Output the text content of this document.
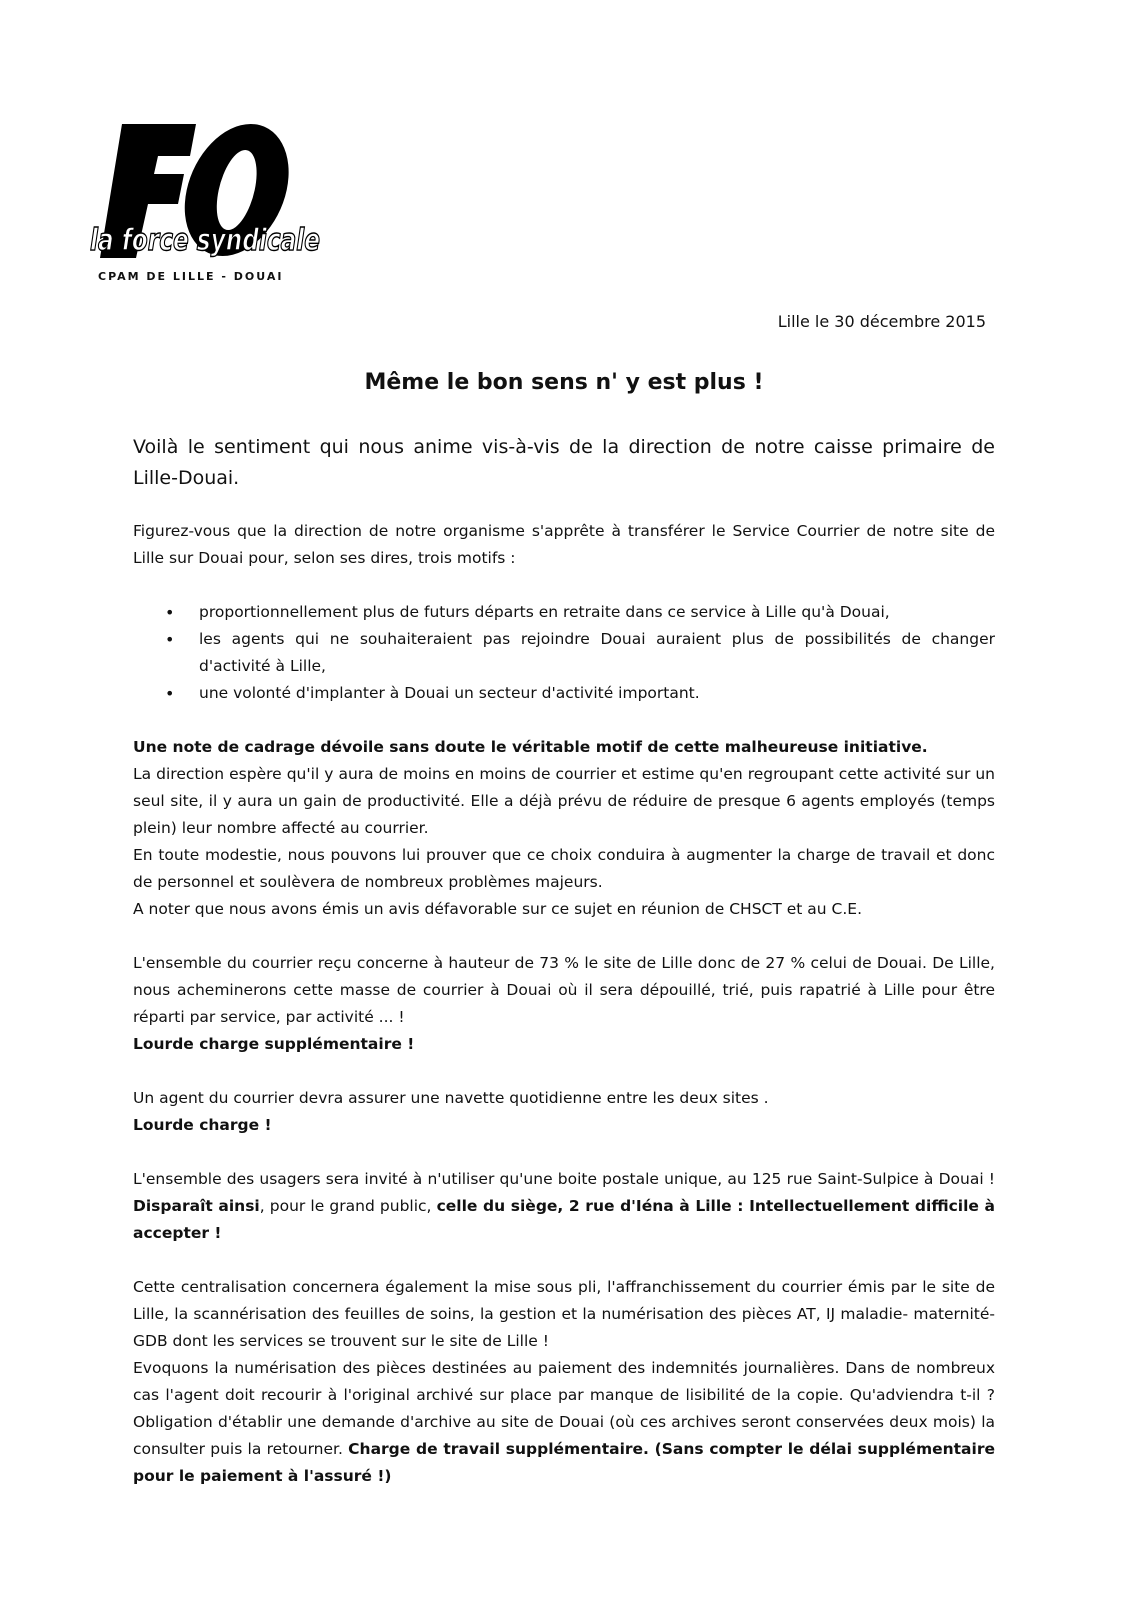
la force syndicale
CPAM DE LILLE - DOUAI
Lille le 30 décembre 2015
Même le bon sens n' y est plus !

Voilà le sentiment qui nous anime vis-à-vis de la direction de notre caisse primaire de Lille-Douai.

Figurez-vous que la direction de notre organisme s'apprête à transférer le Service Courrier de notre site de Lille sur Douai pour, selon ses dires, trois motifs :

• proportionnellement plus de futurs départs en retraite dans ce service à Lille qu'à Douai,
• les agents qui ne souhaiteraient pas rejoindre Douai auraient plus de possibilités de changer d'activité à Lille,
• une volonté d'implanter à Douai un secteur d'activité important.

Une note de cadrage dévoile sans doute le véritable motif de cette malheureuse initiative.

La direction espère qu'il y aura de moins en moins de courrier et estime qu'en regroupant cette activité sur un seul site, il y aura un gain de productivité. Elle a déjà prévu de réduire de presque 6 agents employés (temps plein) leur nombre affecté au courrier.

En toute modestie, nous pouvons lui prouver que ce choix conduira à augmenter la charge de travail et donc de personnel et soulèvera de nombreux problèmes majeurs.

A noter que nous avons émis un avis défavorable sur ce sujet en réunion de CHSCT et au C.E.

L'ensemble du courrier reçu concerne à hauteur de 73 % le site de Lille donc de 27 % celui de Douai. De Lille, nous acheminerons cette masse de courrier à Douai où il sera dépouillé, trié, puis rapatrié à Lille pour être réparti par service, par activité ... !

Lourde charge supplémentaire !

Un agent du courrier devra assurer une navette quotidienne entre les deux sites .

Lourde charge !

L'ensemble des usagers sera invité à n'utiliser qu'une boite postale unique, au 125 rue Saint-Sulpice à Douai ! Disparaît ainsi, pour le grand public, celle du siège, 2 rue d'Iéna à Lille : Intellectuellement difficile à accepter !

Cette centralisation concernera également la mise sous pli, l'affranchissement du courrier émis par le site de Lille, la scannérisation des feuilles de soins, la gestion et la numérisation des pièces AT, IJ maladie- maternité- GDB dont les services se trouvent sur le site de Lille !

Evoquons la numérisation des pièces destinées au paiement des indemnités journalières. Dans de nombreux cas l'agent doit recourir à l'original archivé sur place par manque de lisibilité de la copie. Qu'adviendra t-il ? Obligation d'établir une demande d'archive au site de Douai (où ces archives seront conservées deux mois) la consulter puis la retourner. Charge de travail supplémentaire. (Sans compter le délai supplémentaire pour le paiement à l'assuré !)
